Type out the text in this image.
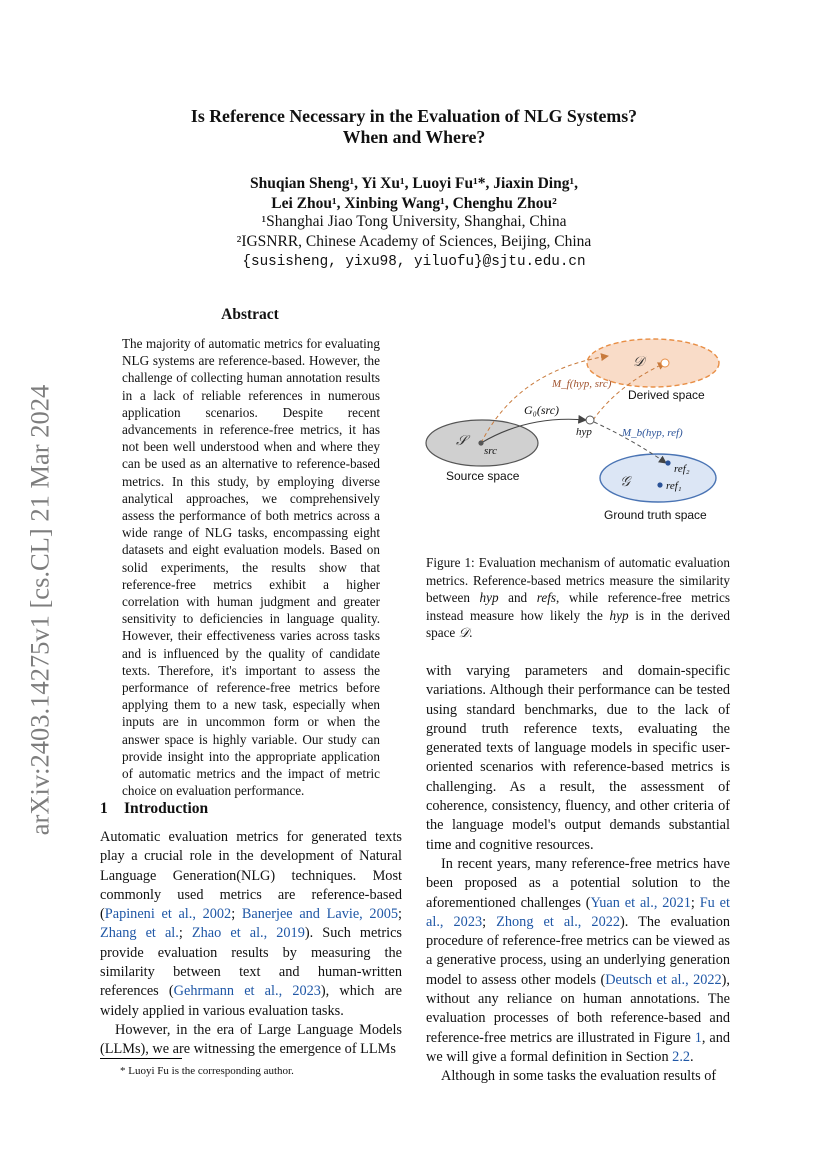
arXiv:2403.14275v1 [cs.CL] 21 Mar 2024
Is Reference Necessary in the Evaluation of NLG Systems?
When and Where?
Shuqian Sheng¹, Yi Xu¹, Luoyi Fu¹*, Jiaxin Ding¹,
Lei Zhou¹, Xinbing Wang¹, Chenghu Zhou²
¹Shanghai Jiao Tong University, Shanghai, China
²IGSNRR, Chinese Academy of Sciences, Beijing, China
{susisheng, yixu98, yiluofu}@sjtu.edu.cn
Abstract
The majority of automatic metrics for evaluating NLG systems are reference-based. However, the challenge of collecting human annotation results in a lack of reliable references in numerous application scenarios. Despite recent advancements in reference-free metrics, it has not been well understood when and where they can be used as an alternative to reference-based metrics. In this study, by employing diverse analytical approaches, we comprehensively assess the performance of both metrics across a wide range of NLG tasks, encompassing eight datasets and eight evaluation models. Based on solid experiments, the results show that reference-free metrics exhibit a higher correlation with human judgment and greater sensitivity to deficiencies in language quality. However, their effectiveness varies across tasks and is influenced by the quality of candidate texts. Therefore, it's important to assess the performance of reference-free metrics before applying them to a new task, especially when inputs are in uncommon form or when the answer space is highly variable. Our study can provide insight into the appropriate application of automatic metrics and the impact of metric choice on evaluation performance.
1 Introduction

Automatic evaluation metrics for generated texts play a crucial role in the development of Natural Language Generation(NLG) techniques. Most commonly used metrics are reference-based (Papineni et al., 2002; Banerjee and Lavie, 2005; Zhang et al.; Zhao et al., 2019). Such metrics provide evaluation results by measuring the similarity between text and human-written references (Gehrmann et al., 2023), which are widely applied in various evaluation tasks.

However, in the era of Large Language Models (LLMs), we are witnessing the emergence of LLMs

* Luoyi Fu is the corresponding author.
𝒟
Derived space
M_f(hyp, src)
G₀(src)
hyp	M_b(hyp, ref)
𝒮
src
Source space	𝒢
ref₂
ref₁
Ground truth space

Figure 1: Evaluation mechanism of automatic evaluation metrics. Reference-based metrics measure the similarity between hyp and refs, while reference-free metrics instead measure how likely the hyp is in the derived space 𝒟.

with varying parameters and domain-specific variations. Although their performance can be tested using standard benchmarks, due to the lack of ground truth reference texts, evaluating the generated texts of language models in specific user-oriented scenarios with reference-based metrics is challenging. As a result, the assessment of coherence, consistency, fluency, and other criteria of the language model's output demands substantial time and cognitive resources.

In recent years, many reference-free metrics have been proposed as a potential solution to the aforementioned challenges (Yuan et al., 2021; Fu et al., 2023; Zhong et al., 2022). The evaluation procedure of reference-free metrics can be viewed as a generative process, using an underlying generation model to assess other models (Deutsch et al., 2022), without any reliance on human annotations. The evaluation processes of both reference-based and reference-free metrics are illustrated in Figure 1, and we will give a formal definition in Section 2.2.

Although in some tasks the evaluation results of
